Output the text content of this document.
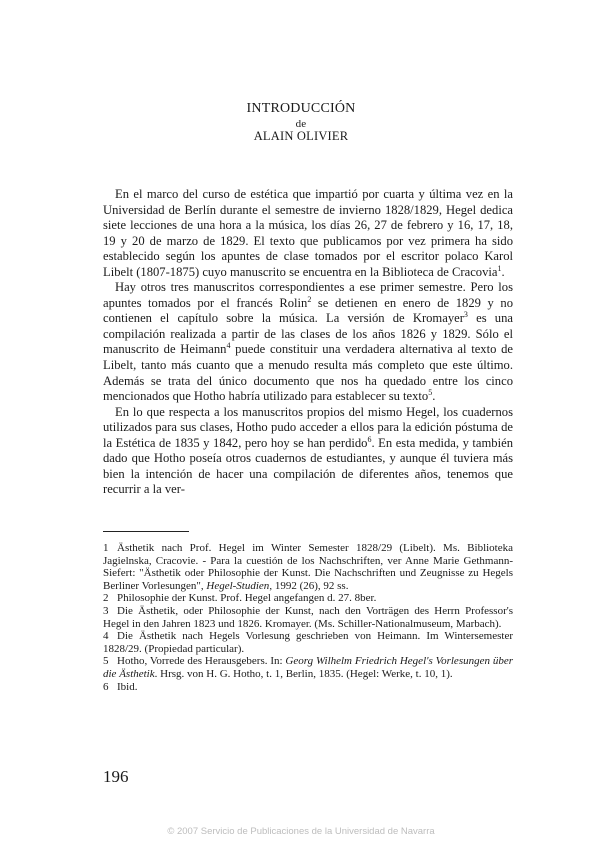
INTRODUCCIÓN
de
ALAIN OLIVIER

En el marco del curso de estética que impartió por cuarta y última vez en la Universidad de Berlín durante el semestre de invierno 1828/1829, Hegel dedica siete lecciones de una hora a la música, los días 26, 27 de febrero y 16, 17, 18, 19 y 20 de marzo de 1829. El texto que publicamos por vez primera ha sido establecido según los apuntes de clase tomados por el escritor polaco Karol Libelt (1807-1875) cuyo manuscrito se encuentra en la Biblioteca de Cracovia$^1$.

Hay otros tres manuscritos correspondientes a ese primer semestre. Pero los apuntes tomados por el francés Rolin$^2$ se detienen en enero de 1829 y no contienen el capítulo sobre la música. La versión de Kromayer$^3$ es una compilación realizada a partir de las clases de los años 1826 y 1829. Sólo el manuscrito de Heimann$^4$ puede constituir una verdadera alternativa al texto de Libelt, tanto más cuanto que a menudo resulta más completo que este último. Además se trata del único documento que nos ha quedado entre los cinco mencionados que Hotho habría utilizado para establecer su texto$^5$.

En lo que respecta a los manuscritos propios del mismo Hegel, los cuadernos utilizados para sus clases, Hotho pudo acceder a ellos para la edición póstuma de la Estética de 1835 y 1842, pero hoy se han perdido$^6$. En esta medida, y también dado que Hotho poseía otros cuadernos de estudiantes, y aunque él tuviera más bien la intención de hacer una compilación de diferentes años, tenemos que recurrir a la ver-

1 Ästhetik nach Prof. Hegel im Winter Semester 1828/29 (Libelt). Ms. Biblioteka Jagielnska, Cracovie. - Para la cuestión de los Nachschriften, ver Anne Marie Gethmann-Siefert: "Ästhetik oder Philosophie der Kunst. Die Nachschriften und Zeugnisse zu Hegels Berliner Vorlesungen", Hegel-Studien, 1992 (26), 92 ss.

2 Philosophie der Kunst. Prof. Hegel angefangen d. 27. 8ber.

3 Die Ästhetik, oder Philosophie der Kunst, nach den Vorträgen des Herrn Professor's Hegel in den Jahren 1823 und 1826. Kromayer. (Ms. Schiller-Nationalmuseum, Marbach).

4 Die Ästhetik nach Hegels Vorlesung geschrieben von Heimann. Im Wintersemester 1828/29. (Propiedad particular).

5 Hotho, Vorrede des Herausgebers. In: Georg Wilhelm Friedrich Hegel's Vorlesungen über die Ästhetik. Hrsg. von H. G. Hotho, t. 1, Berlin, 1835. (Hegel: Werke, t. 10, 1).

6 Ibid.

196
© 2007 Servicio de Publicaciones de la Universidad de Navarra
